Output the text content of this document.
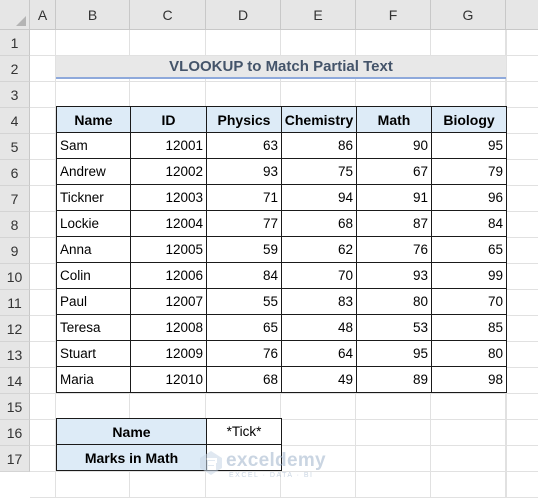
A	B	C	D	E	F	G
1
2
3
4
5
6
7
8
9
10
11
12
13
14
15
16
17
VLOOKUP to Match Partial Text
Name	ID	Physics	Chemistry	Math	Biology
Sam	12001	63	86	90	95
Andrew	12002	93	75	67	79
Tickner	12003	71	94	91	96
Lockie	12004	77	68	87	84
Anna	12005	59	62	76	65
Colin	12006	84	70	93	99
Paul	12007	55	83	80	70
Teresa	12008	65	48	53	85
Stuart	12009	76	64	95	80
Maria	12010	68	49	89	98
Name	*Tick*
Marks in Math	exceldemy
EXCEL · DATA · BI
